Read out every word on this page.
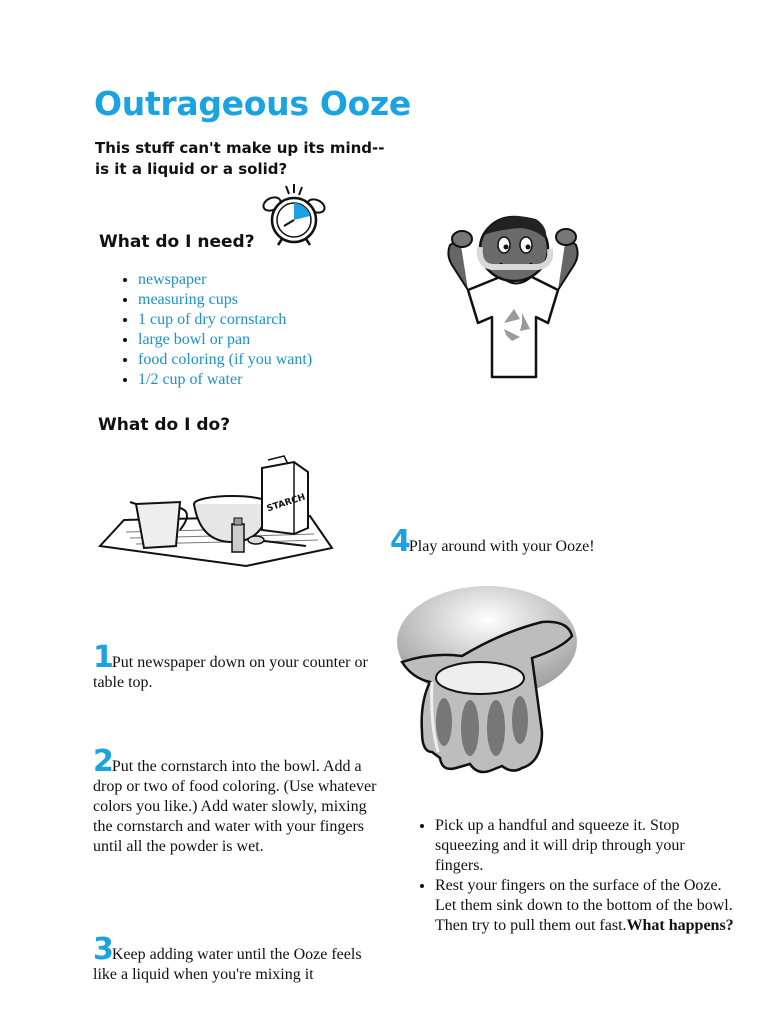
Outrageous Ooze
This stuff can't make up its mind--
is it a liquid or a solid?
What do I need?
• newspaper
• measuring cups
• 1 cup of dry cornstarch
• large bowl or pan
• food coloring (if you want)
• 1/2 cup of water
What do I do?
STARCH
4Play around with your Ooze!
1Put newspaper down on your counter or table top.
2Put the cornstarch into the bowl. Add a drop or two of food coloring. (Use whatever colors you like.) Add water slowly, mixing the cornstarch and water with your fingers until all the powder is wet.
3Keep adding water until the Ooze feels like a liquid when you're mixing it
• Pick up a handful and squeeze it. Stop squeezing and it will drip through your fingers.
• Rest your fingers on the surface of the Ooze. Let them sink down to the bottom of the bowl. Then try to pull them out fast.What happens?
